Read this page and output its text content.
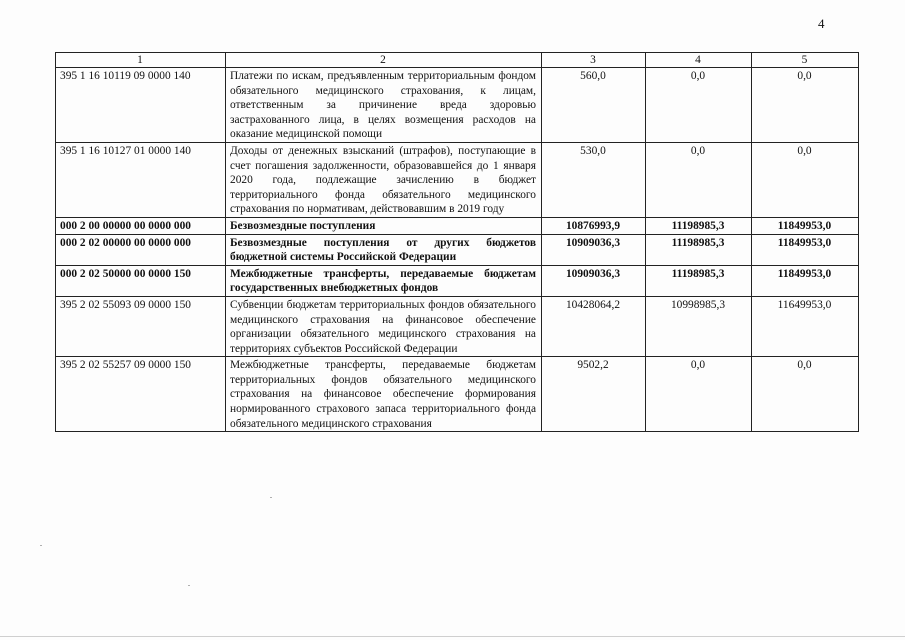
4
1	2	3	4	5
395 1 16 10119 09 0000 140	Платежи по искам, предъявленным территориальным фондом обязательного медицинского страхования, к лицам, ответственным за причинение вреда здоровью застрахованного лица, в целях возмещения расходов на оказание медицинской помощи	560,0	0,0	0,0
395 1 16 10127 01 0000 140	Доходы от денежных взысканий (штрафов), поступающие в счет погашения задолженности, образовавшейся до 1 января 2020 года, подлежащие зачислению в бюджет территориального фонда обязательного медицинского страхования по нормативам, действовавшим в 2019 году	530,0	0,0	0,0
000 2 00 00000 00 0000 000	Безвозмездные поступления	10876993,9	11198985,3	11849953,0
000 2 02 00000 00 0000 000	Безвозмездные поступления от других бюджетов бюджетной системы Российской Федерации	10909036,3	11198985,3	11849953,0
000 2 02 50000 00 0000 150	Межбюджетные трансферты, передаваемые бюджетам государственных внебюджетных фондов	10909036,3	11198985,3	11849953,0
395 2 02 55093 09 0000 150	Субвенции бюджетам территориальных фондов обязательного медицинского страхования на финансовое обеспечение организации обязательного медицинского страхования на территориях субъектов Российской Федерации	10428064,2	10998985,3	11649953,0
395 2 02 55257 09 0000 150	Межбюджетные трансферты, передаваемые бюджетам территориальных фондов обязательного медицинского страхования на финансовое обеспечение формирования нормированного страхового запаса территориального фонда обязательного медицинского страхования	9502,2	0,0	0,0
